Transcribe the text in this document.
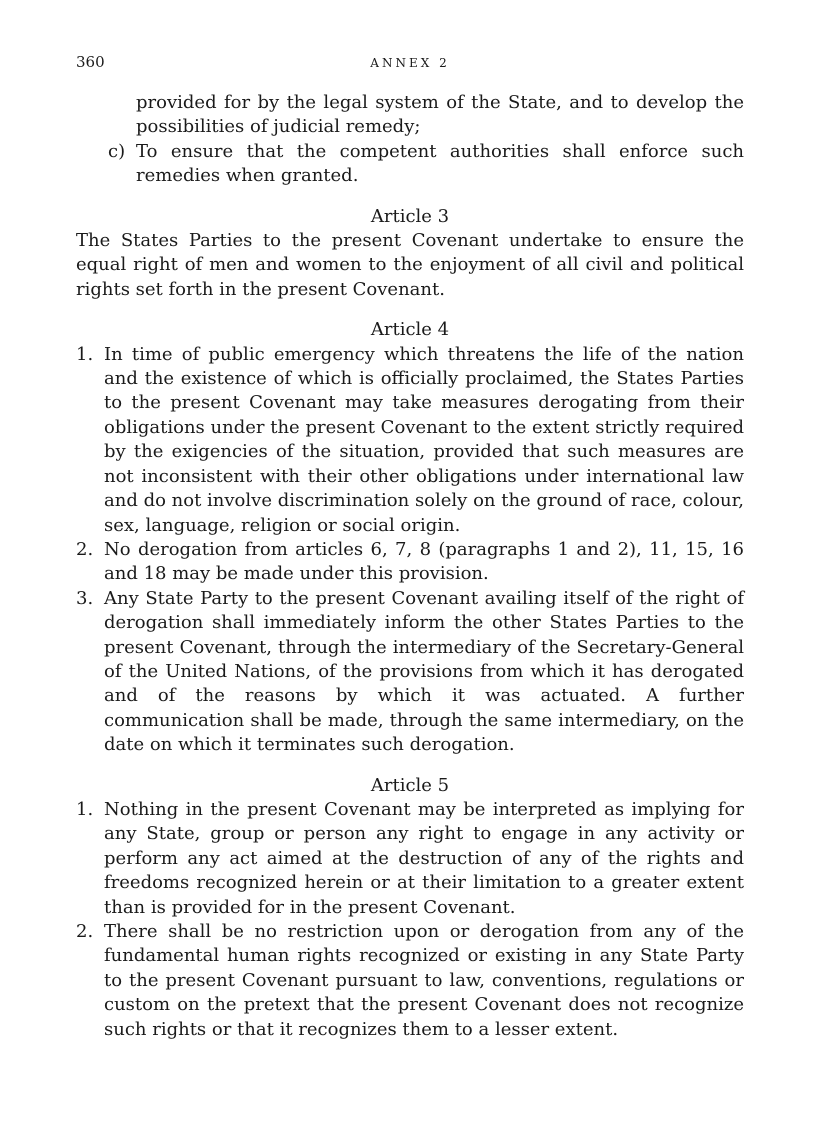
360	ANNEX 2

provided for by the legal system of the State, and to develop the possibilities of judicial remedy;

c) To ensure that the competent authorities shall enforce such remedies when granted.

Article 3

The States Parties to the present Covenant undertake to ensure the equal right of men and women to the enjoyment of all civil and political rights set forth in the present Covenant.

Article 4

1. In time of public emergency which threatens the life of the nation and the existence of which is officially proclaimed, the States Parties to the present Covenant may take measures derogating from their obligations under the present Covenant to the extent strictly required by the exigencies of the situation, provided that such measures are not inconsistent with their other obligations under international law and do not involve discrimination solely on the ground of race, colour, sex, language, religion or social origin.
2. No derogation from articles 6, 7, 8 (paragraphs 1 and 2), 11, 15, 16 and 18 may be made under this provision.
3. Any State Party to the present Covenant availing itself of the right of derogation shall immediately inform the other States Parties to the present Covenant, through the intermediary of the Secretary-General of the United Nations, of the provisions from which it has derogated and of the reasons by which it was actuated. A further communication shall be made, through the same intermediary, on the date on which it terminates such derogation.

Article 5

1. Nothing in the present Covenant may be interpreted as implying for any State, group or person any right to engage in any activity or perform any act aimed at the destruction of any of the rights and freedoms recognized herein or at their limitation to a greater extent than is provided for in the present Covenant.
2. There shall be no restriction upon or derogation from any of the fundamental human rights recognized or existing in any State Party to the present Covenant pursuant to law, conventions, regulations or custom on the pretext that the present Covenant does not recognize such rights or that it recognizes them to a lesser extent.
